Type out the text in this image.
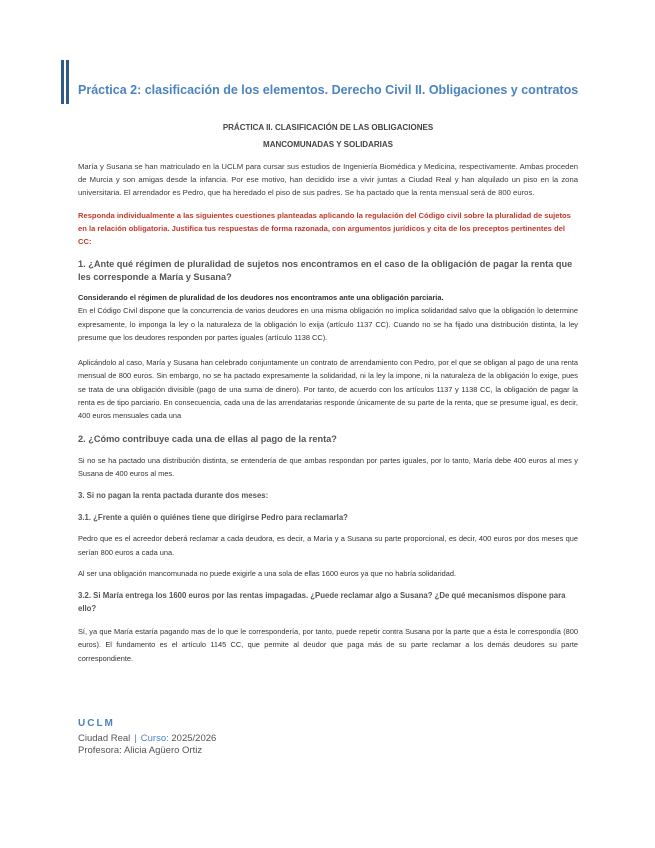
Práctica 2: clasificación de los elementos. Derecho Civil II. Obligaciones y contratos

PRÁCTICA II. CLASIFICACIÓN DE LAS OBLIGACIONES

MANCOMUNADAS Y SOLIDARIAS

María y Susana se han matriculado en la UCLM para cursar sus estudios de Ingeniería Biomédica y Medicina, respectivamente. Ambas proceden de Murcia y son amigas desde la infancia. Por ese motivo, han decidido irse a vivir juntas a Ciudad Real y han alquilado un piso en la zona universitaria. El arrendador es Pedro, que ha heredado el piso de sus padres. Se ha pactado que la renta mensual será de 800 euros.

Responda individualmente a las siguientes cuestiones planteadas aplicando la regulación del Código civil sobre la pluralidad de sujetos en la relación obligatoria. Justifica tus respuestas de forma razonada, con argumentos jurídicos y cita de los preceptos pertinentes del CC:

1. ¿Ante qué régimen de pluralidad de sujetos nos encontramos en el caso de la obligación de pagar la renta que les corresponde a María y Susana?

Considerando el régimen de pluralidad de los deudores nos encontramos ante una obligación parciaria.

En el Código Civil dispone que la concurrencia de varios deudores en una misma obligación no implica solidaridad salvo que la obligación lo determine expresamente, lo imponga la ley o la naturaleza de la obligación lo exija (artículo 1137 CC). Cuando no se ha fijado una distribución distinta, la ley presume que los deudores responden por partes iguales (artículo 1138 CC).

Aplicándolo al caso, María y Susana han celebrado conjuntamente un contrato de arrendamiento con Pedro, por el que se obligan al pago de una renta mensual de 800 euros. Sin embargo, no se ha pactado expresamente la solidaridad, ni la ley la impone, ni la naturaleza de la obligación lo exige, pues se trata de una obligación divisible (pago de una suma de dinero). Por tanto, de acuerdo con los artículos 1137 y 1138 CC, la obligación de pagar la renta es de tipo parciario. En consecuencia, cada una de las arrendatarias responde únicamente de su parte de la renta, que se presume igual, es decir, 400 euros mensuales cada una

2. ¿Cómo contribuye cada una de ellas al pago de la renta?

Si no se ha pactado una distribución distinta, se entendería de que ambas respondan por partes iguales, por lo tanto, María debe 400 euros al mes y Susana de 400 euros al mes.

3. Si no pagan la renta pactada durante dos meses:

3.1. ¿Frente a quién o quiénes tiene que dirigirse Pedro para reclamarla?

Pedro que es el acreedor deberá reclamar a cada deudora, es decir, a María y a Susana su parte proporcional, es decir, 400 euros por dos meses que serían 800 euros a cada una.

Al ser una obligación mancomunada no puede exigirle a una sola de ellas 1600 euros ya que no habría solidaridad.

3.2. Si María entrega los 1600 euros por las rentas impagadas. ¿Puede reclamar algo a Susana? ¿De qué mecanismos dispone para ello?

Sí, ya que María estaría pagando mas de lo que le correspondería, por tanto, puede repetir contra Susana por la parte que a ésta le correspondía (800 euros). El fundamento es el artículo 1145 CC, que permite al deudor que paga más de su parte reclamar a los demás deudores su parte correspondiente.

UCLM
Ciudad Real | Curso: 2025/2026
Profesora: Alicia Agüero Ortiz
